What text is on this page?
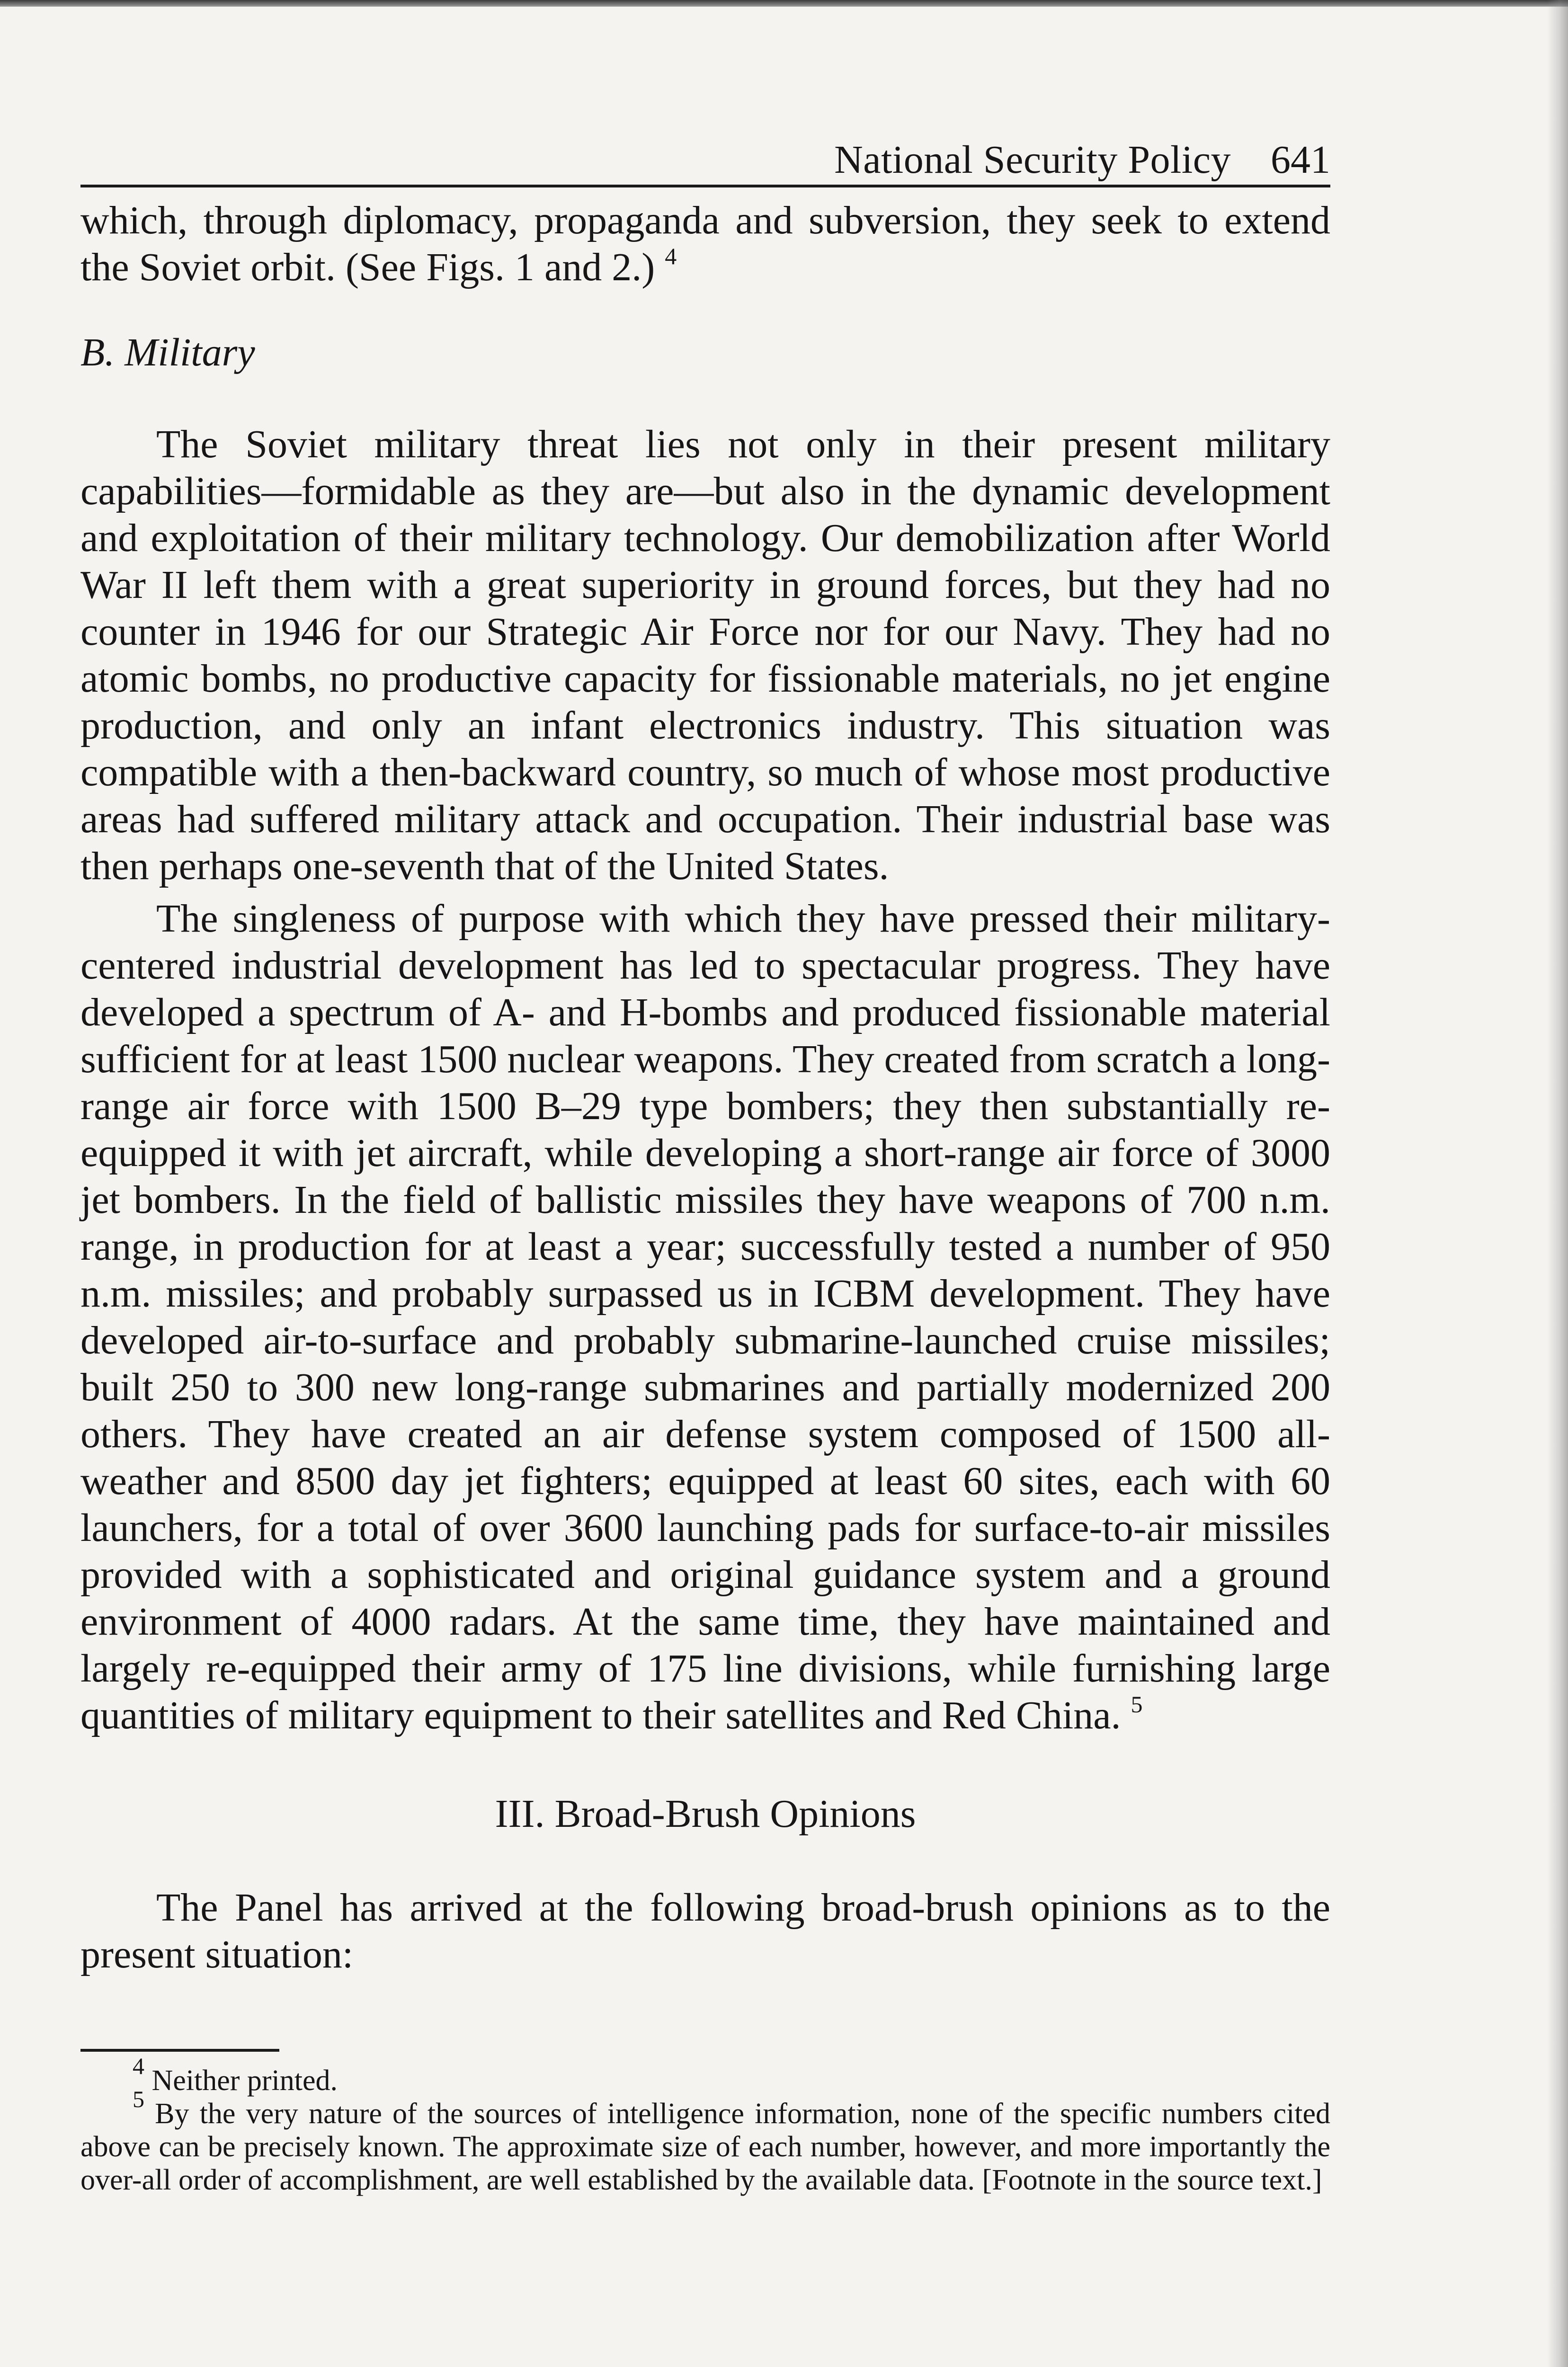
National Security Policy 641

which, through diplomacy, propaganda and subversion, they seek to extend the Soviet orbit. (See Figs. 1 and 2.) $^4$

B. Military

The Soviet military threat lies not only in their present military capabilities—formidable as they are—but also in the dynamic development and exploitation of their military technology. Our demobilization after World War II left them with a great superiority in ground forces, but they had no counter in 1946 for our Strategic Air Force nor for our Navy. They had no atomic bombs, no productive capacity for fissionable materials, no jet engine production, and only an infant electronics industry. This situation was compatible with a then-backward country, so much of whose most productive areas had suffered military attack and occupation. Their industrial base was then perhaps one-seventh that of the United States.

The singleness of purpose with which they have pressed their military-centered industrial development has led to spectacular progress. They have developed a spectrum of A- and H-bombs and produced fissionable material sufficient for at least 1500 nuclear weapons. They created from scratch a long-range air force with 1500 B–29 type bombers; they then substantially re-equipped it with jet aircraft, while developing a short-range air force of 3000 jet bombers. In the field of ballistic missiles they have weapons of 700 n.m. range, in production for at least a year; successfully tested a number of 950 n.m. missiles; and probably surpassed us in ICBM development. They have developed air-to-surface and probably submarine-launched cruise missiles; built 250 to 300 new long-range submarines and partially modernized 200 others. They have created an air defense system composed of 1500 all-weather and 8500 day jet fighters; equipped at least 60 sites, each with 60 launchers, for a total of over 3600 launching pads for surface-to-air missiles provided with a sophisticated and original guidance system and a ground environment of 4000 radars. At the same time, they have maintained and largely re-equipped their army of 175 line divisions, while furnishing large quantities of military equipment to their satellites and Red China. $^5$

III. Broad-Brush Opinions

The Panel has arrived at the following broad-brush opinions as to the present situation:

$^4$ Neither printed.

$^5$ By the very nature of the sources of intelligence information, none of the specific numbers cited above can be precisely known. The approximate size of each number, however, and more importantly the over-all order of accomplishment, are well established by the available data. [Footnote in the source text.]
